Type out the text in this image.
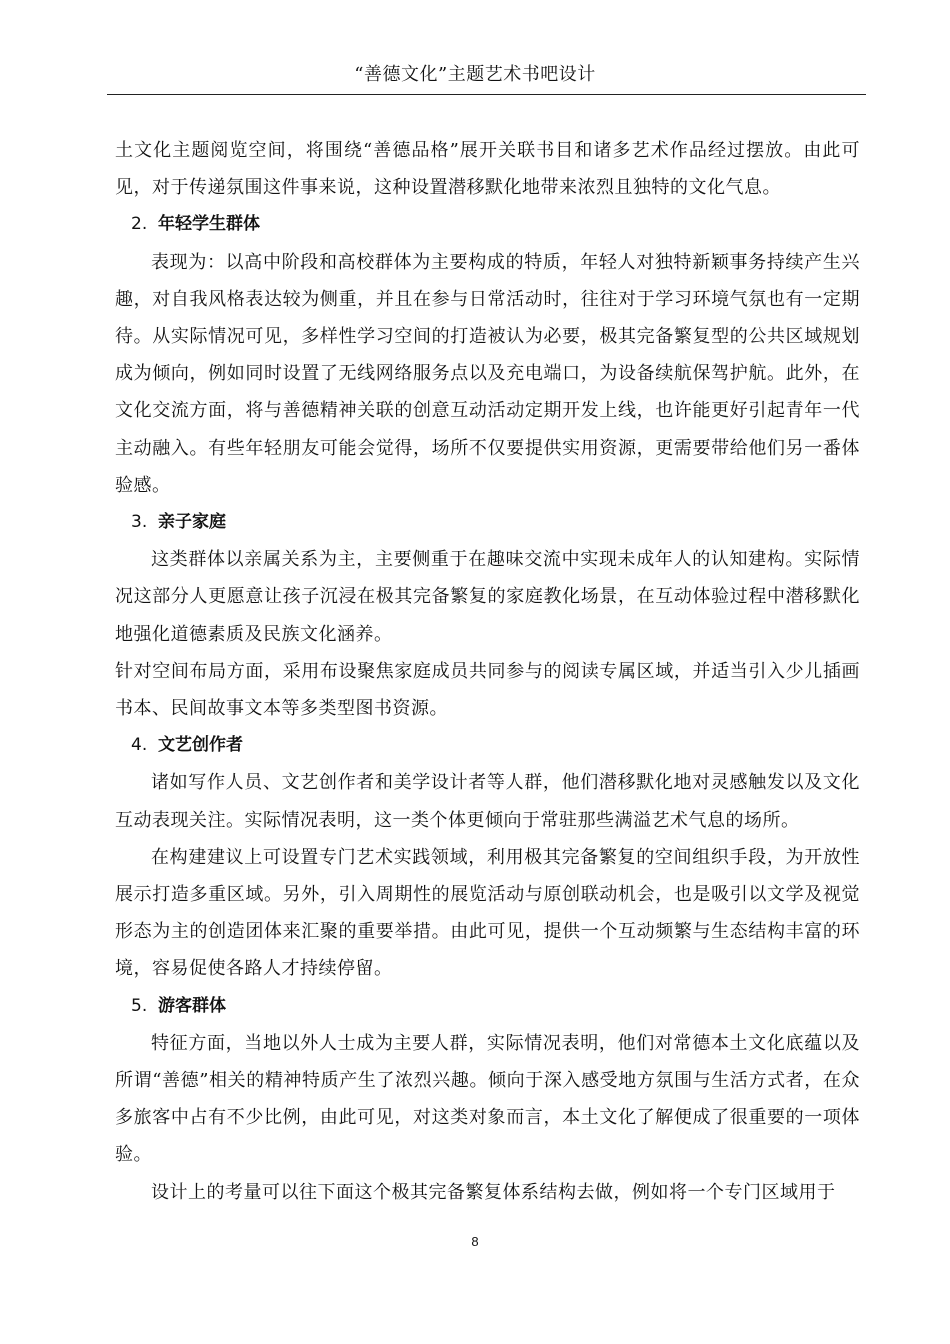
“善德文化”主题艺术书吧设计

土文化主题阅览空间，将围绕“善德品格”展开关联书目和诸多艺术作品经过摆放。由此可见，对于传递氛围这件事来说，这种设置潜移默化地带来浓烈且独特的文化气息。

2. 年轻学生群体

表现为：以高中阶段和高校群体为主要构成的特质，年轻人对独特新颖事务持续产生兴趣，对自我风格表达较为侧重，并且在参与日常活动时，往往对于学习环境气氛也有一定期待。从实际情况可见，多样性学习空间的打造被认为必要，极其完备繁复型的公共区域规划成为倾向，例如同时设置了无线网络服务点以及充电端口，为设备续航保驾护航。此外，在文化交流方面，将与善德精神关联的创意互动活动定期开发上线，也许能更好引起青年一代主动融入。有些年轻朋友可能会觉得，场所不仅要提供实用资源，更需要带给他们另一番体验感。

3. 亲子家庭

这类群体以亲属关系为主，主要侧重于在趣味交流中实现未成年人的认知建构。实际情况这部分人更愿意让孩子沉浸在极其完备繁复的家庭教化场景，在互动体验过程中潜移默化地强化道德素质及民族文化涵养。

针对空间布局方面，采用布设聚焦家庭成员共同参与的阅读专属区域，并适当引入少儿插画书本、民间故事文本等多类型图书资源。

4. 文艺创作者

诸如写作人员、文艺创作者和美学设计者等人群，他们潜移默化地对灵感触发以及文化互动表现关注。实际情况表明，这一类个体更倾向于常驻那些满溢艺术气息的场所。

在构建建议上可设置专门艺术实践领域，利用极其完备繁复的空间组织手段，为开放性展示打造多重区域。另外，引入周期性的展览活动与原创联动机会，也是吸引以文学及视觉形态为主的创造团体来汇聚的重要举措。由此可见，提供一个互动频繁与生态结构丰富的环境，容易促使各路人才持续停留。

5. 游客群体

特征方面，当地以外人士成为主要人群，实际情况表明，他们对常德本土文化底蕴以及所谓“善德”相关的精神特质产生了浓烈兴趣。倾向于深入感受地方氛围与生活方式者，在众多旅客中占有不少比例，由此可见，对这类对象而言，本土文化了解便成了很重要的一项体验。

设计上的考量可以往下面这个极其完备繁复体系结构去做，例如将一个专门区域用于

8
